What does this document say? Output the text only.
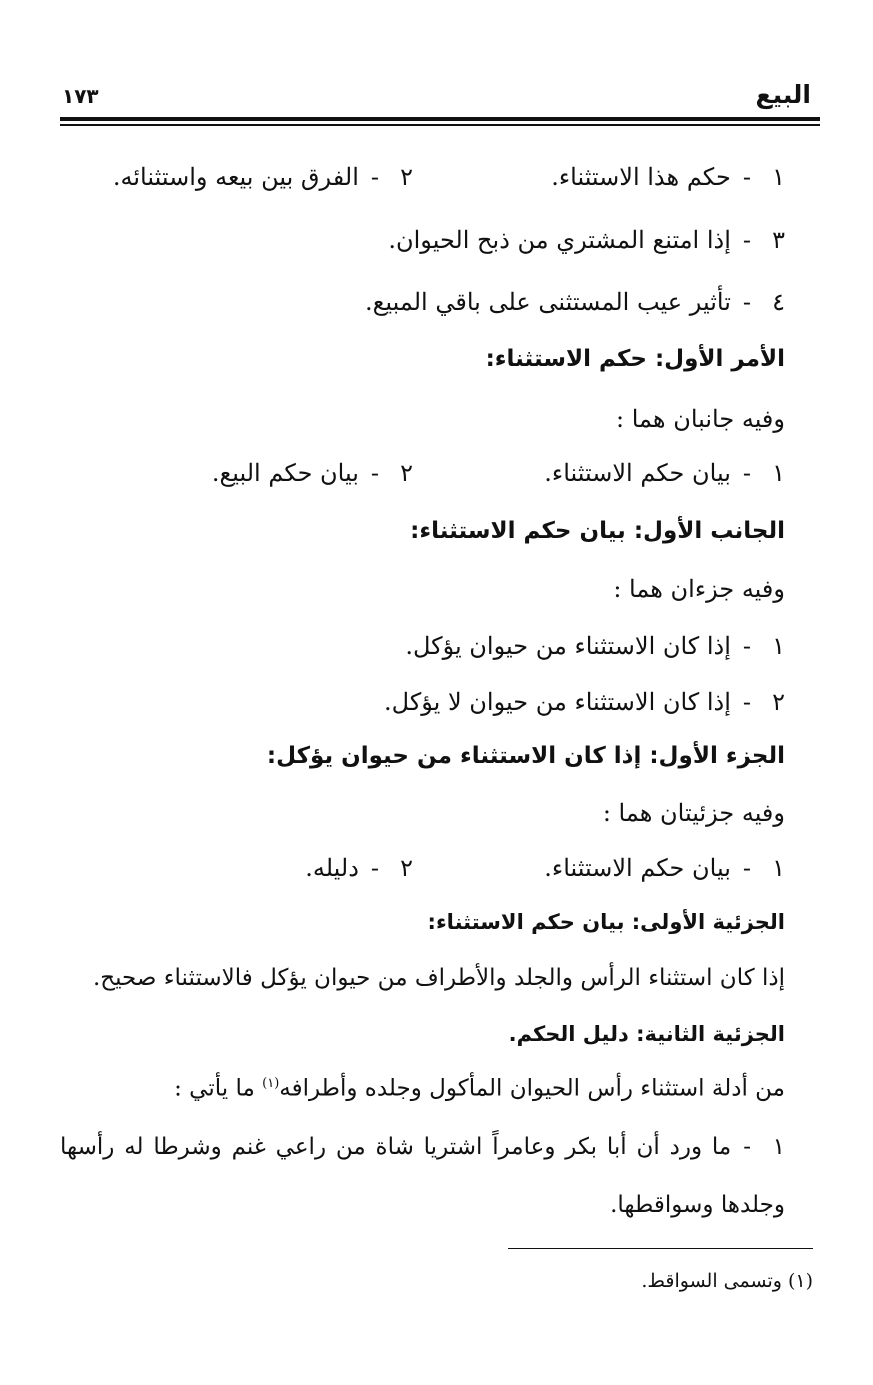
البيع
١٧٣
١-حكم هذا الاستثناء.
٢-الفرق بين بيعه واستثنائه.
٣-إذا امتنع المشتري من ذبح الحيوان.
٤-تأثير عيب المستثنى على باقي المبيع.
الأمر الأول: حكم الاستثناء:
وفيه جانبان هما :
١-بيان حكم الاستثناء.
٢-بيان حكم البيع.
الجانب الأول: بيان حكم الاستثناء:
وفيه جزءان هما :
١-إذا كان الاستثناء من حيوان يؤكل.
٢-إذا كان الاستثناء من حيوان لا يؤكل.
الجزء الأول: إذا كان الاستثناء من حيوان يؤكل:
وفيه جزئيتان هما :
١-بيان حكم الاستثناء.
٢-دليله.
الجزئية الأولى: بيان حكم الاستثناء:
إذا كان استثناء الرأس والجلد والأطراف من حيوان يؤكل فالاستثناء صحيح.
الجزئية الثانية: دليل الحكم.
من أدلة استثناء رأس الحيوان المأكول وجلده وأطرافه$^{(١)}$ ما يأتي :
١-ما ورد أن أبا بكر وعامراً اشتريا شاة من راعي غنم وشرطا له رأسها
وجلدها وسواقطها.
(١) وتسمى السواقط.
